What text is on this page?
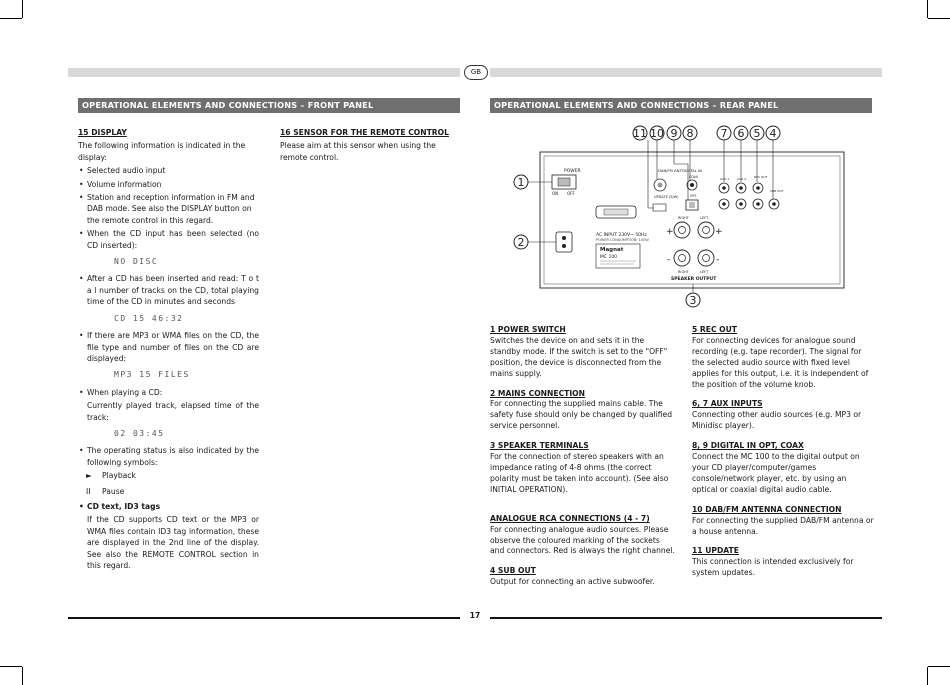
GB
OPERATIONAL ELEMENTS AND CONNECTIONS – FRONT PANEL	OPERATIONAL ELEMENTS AND CONNECTIONS – REAR PANEL
15 DISPLAY

The following information is indicated in the display:

• Selected audio input
• Volume information
• Station and reception information in FM and DAB mode. See also the DISPLAY button on the remote control in this regard.
• When the CD input has been selected (no CD inserted):
NO DISC
• After a CD has been inserted and read: T o t a l number of tracks on the CD, total playing time of the CD in minutes and seconds
CD 15 46:32
• If there are MP3 or WMA files on the CD, the file type and number of files on the CD are displayed:
MP3 15 FILES
• When playing a CD:

Currently played track, elapsed time of the track:

02 03:45
• The operating status is also indicated by the following symbols:
►	Playback
II	Pause
• CD text, ID3 tags

If the CD supports CD text or the MP3 or WMA files contain ID3 tag information, these are displayed in the 2nd line of the display. See also the REMOTE CONTROL section in this regard.

16 SENSOR FOR THE REMOTE CONTROL

Please aim at this sensor when using the remote control.

POWER
ON OFF
AC INPUT 230V~ 50Hz
POWER CONSUMPTION: 100W
Magnat
MC 100
DAB/FM ANT
UPDATE (S/W)
DIGITAL IN
COAX
OPT
AUX 1	AUX 2	REC OUT
SUB OUT
RIGHT	LEFT
+	+
-	-
RIGHT	LEFT
SPEAKER OUTPUT
11 10 9 8 7 6 5 4
1
2
3
1 POWER SWITCH
Switches the device on and sets it in the standby mode. If the switch is set to the "OFF" position, the device is disconnected from the mains supply.
2 MAINS CONNECTION
For connecting the supplied mains cable. The safety fuse should only be changed by qualified service personnel.
3 SPEAKER TERMINALS
For the connection of stereo speakers with an impedance rating of 4-8 ohms (the correct polarity must be taken into account). (See also INITIAL OPERATION).
ANALOGUE RCA CONNECTIONS (4 - 7)
For connecting analogue audio sources. Please observe the coloured marking of the sockets and connectors. Red is always the right channel.
4 SUB OUT
Output for connecting an active subwoofer.
5 REC OUT
For connecting devices for analogue sound recording (e.g. tape recorder). The signal for the selected audio source with fixed level applies for this output, i.e. it is independent of the position of the volume knob.
6, 7 AUX INPUTS
Connecting other audio sources (e.g. MP3 or Minidisc player).
8, 9 DIGITAL IN OPT, COAX
Connect the MC 100 to the digital output on your CD player/computer/games console/network player, etc. by using an optical or coaxial digital audio cable.
10 DAB/FM ANTENNA CONNECTION
For connecting the supplied DAB/FM antenna or a house antenna.
11 UPDATE
This connection is intended exclusively for system updates.
17
